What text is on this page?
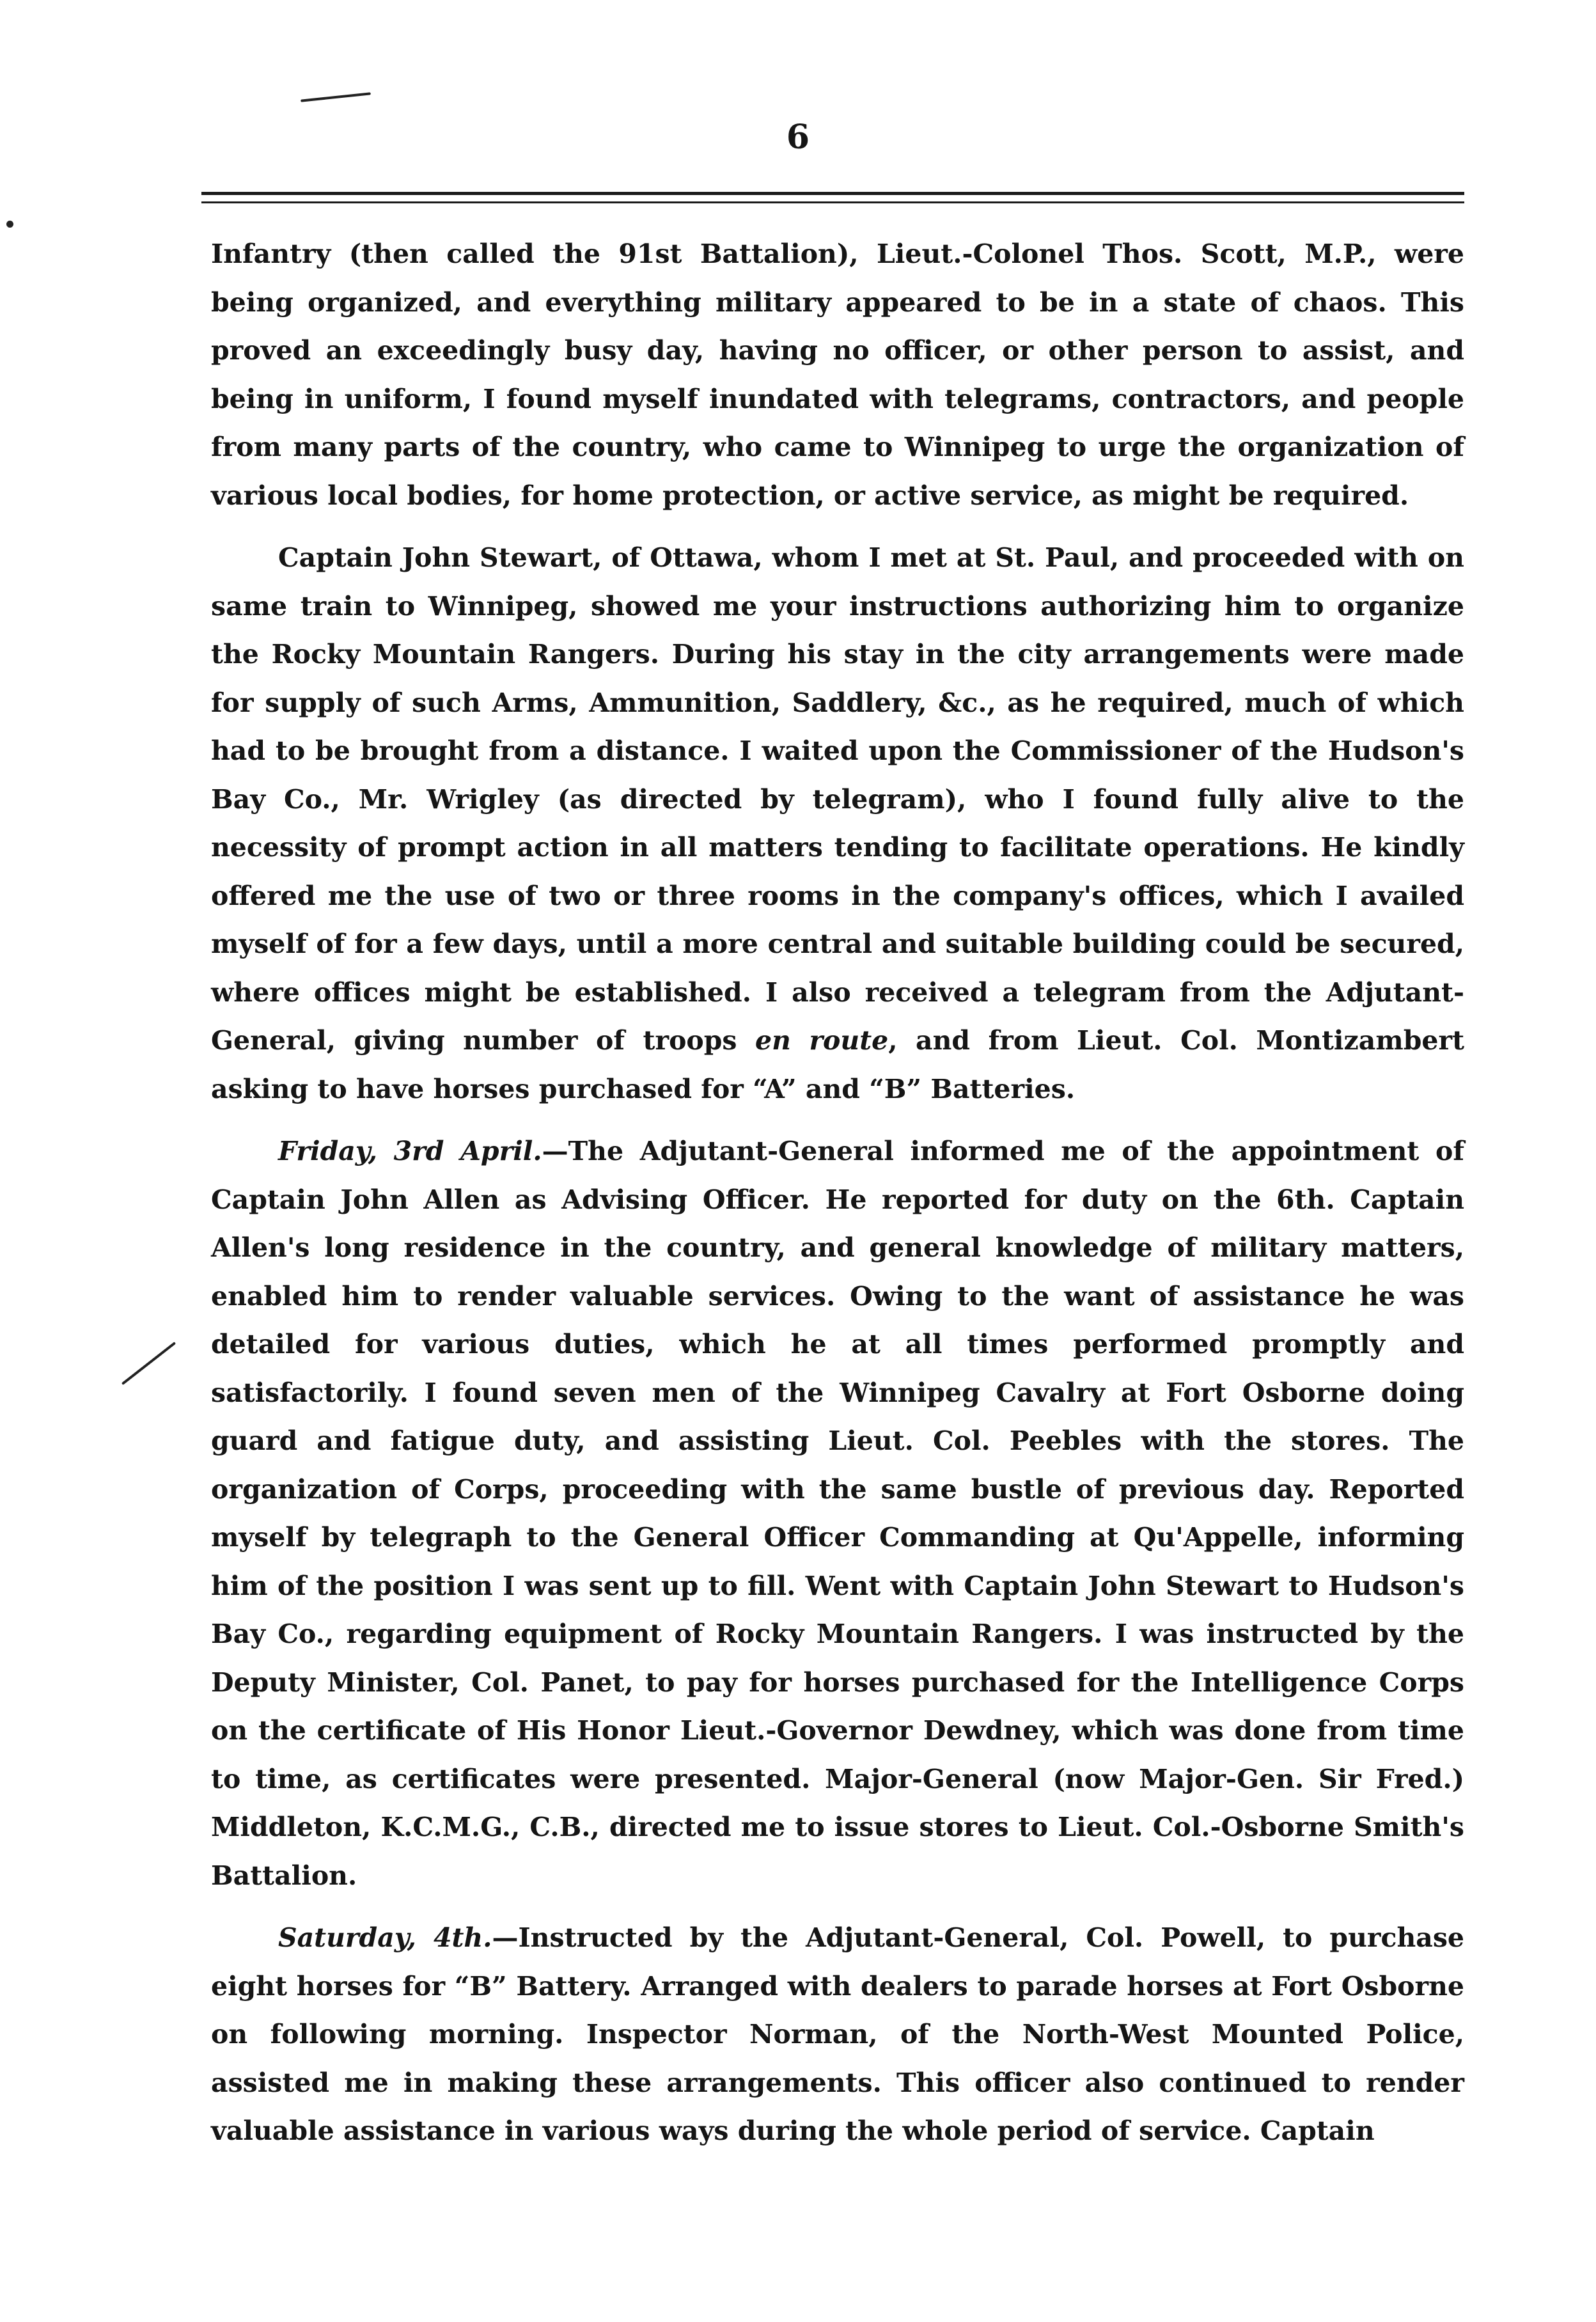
6

Infantry (then called the 91st Battalion), Lieut.-Colonel Thos. Scott, M.P., were being organized, and everything military appeared to be in a state of chaos. This proved an exceedingly busy day, having no officer, or other person to assist, and being in uniform, I found myself inundated with telegrams, contractors, and people from many parts of the country, who came to Winnipeg to urge the organization of various local bodies, for home protection, or active service, as might be required.

Captain John Stewart, of Ottawa, whom I met at St. Paul, and proceeded with on same train to Winnipeg, showed me your instructions authorizing him to organize the Rocky Mountain Rangers. During his stay in the city arrangements were made for supply of such Arms, Ammunition, Saddlery, &c., as he required, much of which had to be brought from a distance. I waited upon the Commissioner of the Hudson's Bay Co., Mr. Wrigley (as directed by telegram), who I found fully alive to the necessity of prompt action in all matters tending to facilitate operations. He kindly offered me the use of two or three rooms in the company's offices, which I availed myself of for a few days, until a more central and suitable building could be secured, where offices might be established. I also received a telegram from the Adjutant-General, giving number of troops en route, and from Lieut. Col. Montizambert asking to have horses purchased for “A” and “B” Batteries.

Friday, 3rd April.—The Adjutant-General informed me of the appointment of Captain John Allen as Advising Officer. He reported for duty on the 6th. Captain Allen's long residence in the country, and general knowledge of military matters, enabled him to render valuable services. Owing to the want of assistance he was detailed for various duties, which he at all times performed promptly and satisfactorily. I found seven men of the Winnipeg Cavalry at Fort Osborne doing guard and fatigue duty, and assisting Lieut. Col. Peebles with the stores. The organization of Corps, proceeding with the same bustle of previous day. Reported myself by telegraph to the General Officer Commanding at Qu'Appelle, informing him of the position I was sent up to fill. Went with Captain John Stewart to Hudson's Bay Co., regarding equipment of Rocky Mountain Rangers. I was instructed by the Deputy Minister, Col. Panet, to pay for horses purchased for the Intelligence Corps on the certificate of His Honor Lieut.-Governor Dewdney, which was done from time to time, as certificates were presented. Major-General (now Major-Gen. Sir Fred.) Middleton, K.C.M.G., C.B., directed me to issue stores to Lieut. Col.-Osborne Smith's Battalion.

Saturday, 4th.—Instructed by the Adjutant-General, Col. Powell, to purchase eight horses for “B” Battery. Arranged with dealers to parade horses at Fort Osborne on following morning. Inspector Norman, of the North-West Mounted Police, assisted me in making these arrangements. This officer also continued to render valuable assistance in various ways during the whole period of service. Captain
